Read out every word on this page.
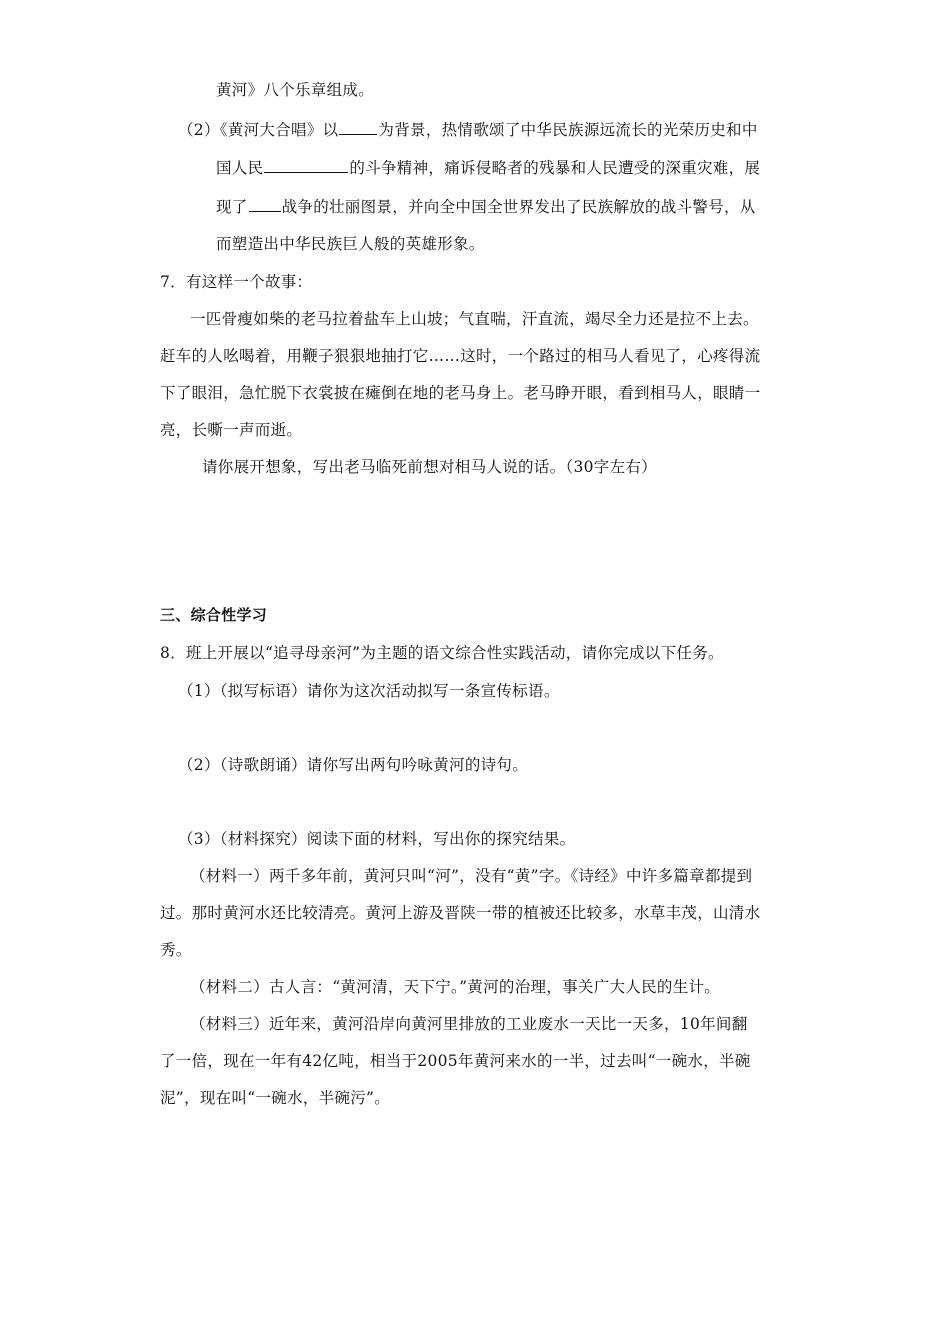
黄河》八个乐章组成。
（2）《黄河大合唱》以	为背景，热情歌颂了中华民族源远流长的光荣历史和中
国人民	的斗争精神，痛诉侵略者的残暴和人民遭受的深重灾难，展
现了 战争的壮丽图景，并向全中国全世界发出了民族解放的战斗警号，从
而塑造出中华民族巨人般的英雄形象。
7．有这样一个故事：
一匹骨瘦如柴的老马拉着盐车上山坡；气直喘，汗直流，竭尽全力还是拉不上去。
赶车的人吆喝着，用鞭子狠狠地抽打它……这时，一个路过的相马人看见了，心疼得流
下了眼泪，急忙脱下衣裳披在瘫倒在地的老马身上。老马睁开眼，看到相马人，眼睛一
亮，长嘶一声而逝。
请你展开想象，写出老马临死前想对相马人说的话。（30字左右）
三、综合性学习
8．班上开展以“追寻母亲河”为主题的语文综合性实践活动，请你完成以下任务。
（1）（拟写标语）请你为这次活动拟写一条宣传标语。
（2）（诗歌朗诵）请你写出两句吟咏黄河的诗句。
（3）（材料探究）阅读下面的材料，写出你的探究结果。
（材料一）两千多年前，黄河只叫“河”，没有“黄”字。《诗经》中许多篇章都提到
过。那时黄河水还比较清亮。黄河上游及晋陕一带的植被还比较多，水草丰茂，山清水
秀。
（材料二）古人言：“黄河清，天下宁。”黄河的治理，事关广大人民的生计。
（材料三）近年来，黄河沿岸向黄河里排放的工业废水一天比一天多，10年间翻
了一倍，现在一年有42亿吨，相当于2005年黄河来水的一半，过去叫“一碗水，半碗
泥”，现在叫“一碗水，半碗污”。
